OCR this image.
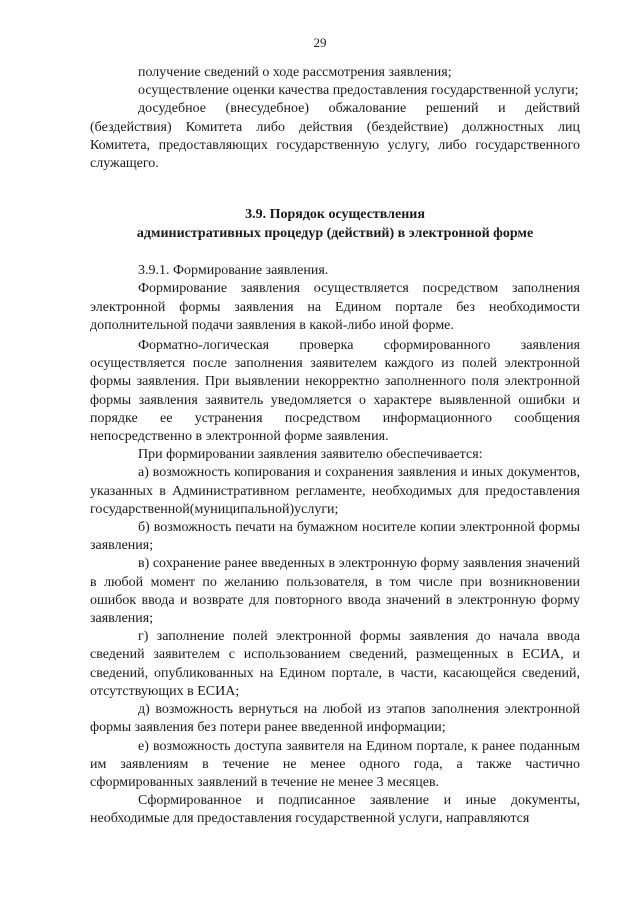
29

получение сведений о ходе рассмотрения заявления;

осуществление оценки качества предоставления государственной услуги;

досудебное (внесудебное) обжалование решений и действий (бездействия) Комитета либо действия (бездействие) должностных лиц Комитета, предоставляющих государственную услугу, либо государственного служащего.

3.9. Порядок осуществления
административных процедур (действий) в электронной форме

3.9.1. Формирование заявления.

Формирование заявления осуществляется посредством заполнения электронной формы заявления на Едином портале без необходимости дополнительной подачи заявления в какой-либо иной форме.

Форматно-логическая проверка сформированного заявления осуществляется после заполнения заявителем каждого из полей электронной формы заявления. При выявлении некорректно заполненного поля электронной формы заявления заявитель уведомляется о характере выявленной ошибки и порядке ее устранения посредством информационного сообщения непосредственно в электронной форме заявления.

При формировании заявления заявителю обеспечивается:

а) возможность копирования и сохранения заявления и иных документов, указанных в Административном регламенте, необходимых для предоставления государственной(муниципальной)услуги;

б) возможность печати на бумажном носителе копии электронной формы заявления;

в) сохранение ранее введенных в электронную форму заявления значений в любой момент по желанию пользователя, в том числе при возникновении ошибок ввода и возврате для повторного ввода значений в электронную форму заявления;

г) заполнение полей электронной формы заявления до начала ввода сведений заявителем с использованием сведений, размещенных в ЕСИА, и сведений, опубликованных на Едином портале, в части, касающейся сведений, отсутствующих в ЕСИА;

д) возможность вернуться на любой из этапов заполнения электронной формы заявления без потери ранее введенной информации;

е) возможность доступа заявителя на Едином портале, к ранее поданным им заявлениям в течение не менее одного года, а также частично сформированных заявлений в течение не менее 3 месяцев.

Сформированное и подписанное заявление и иные документы, необходимые для предоставления государственной услуги, направляются
